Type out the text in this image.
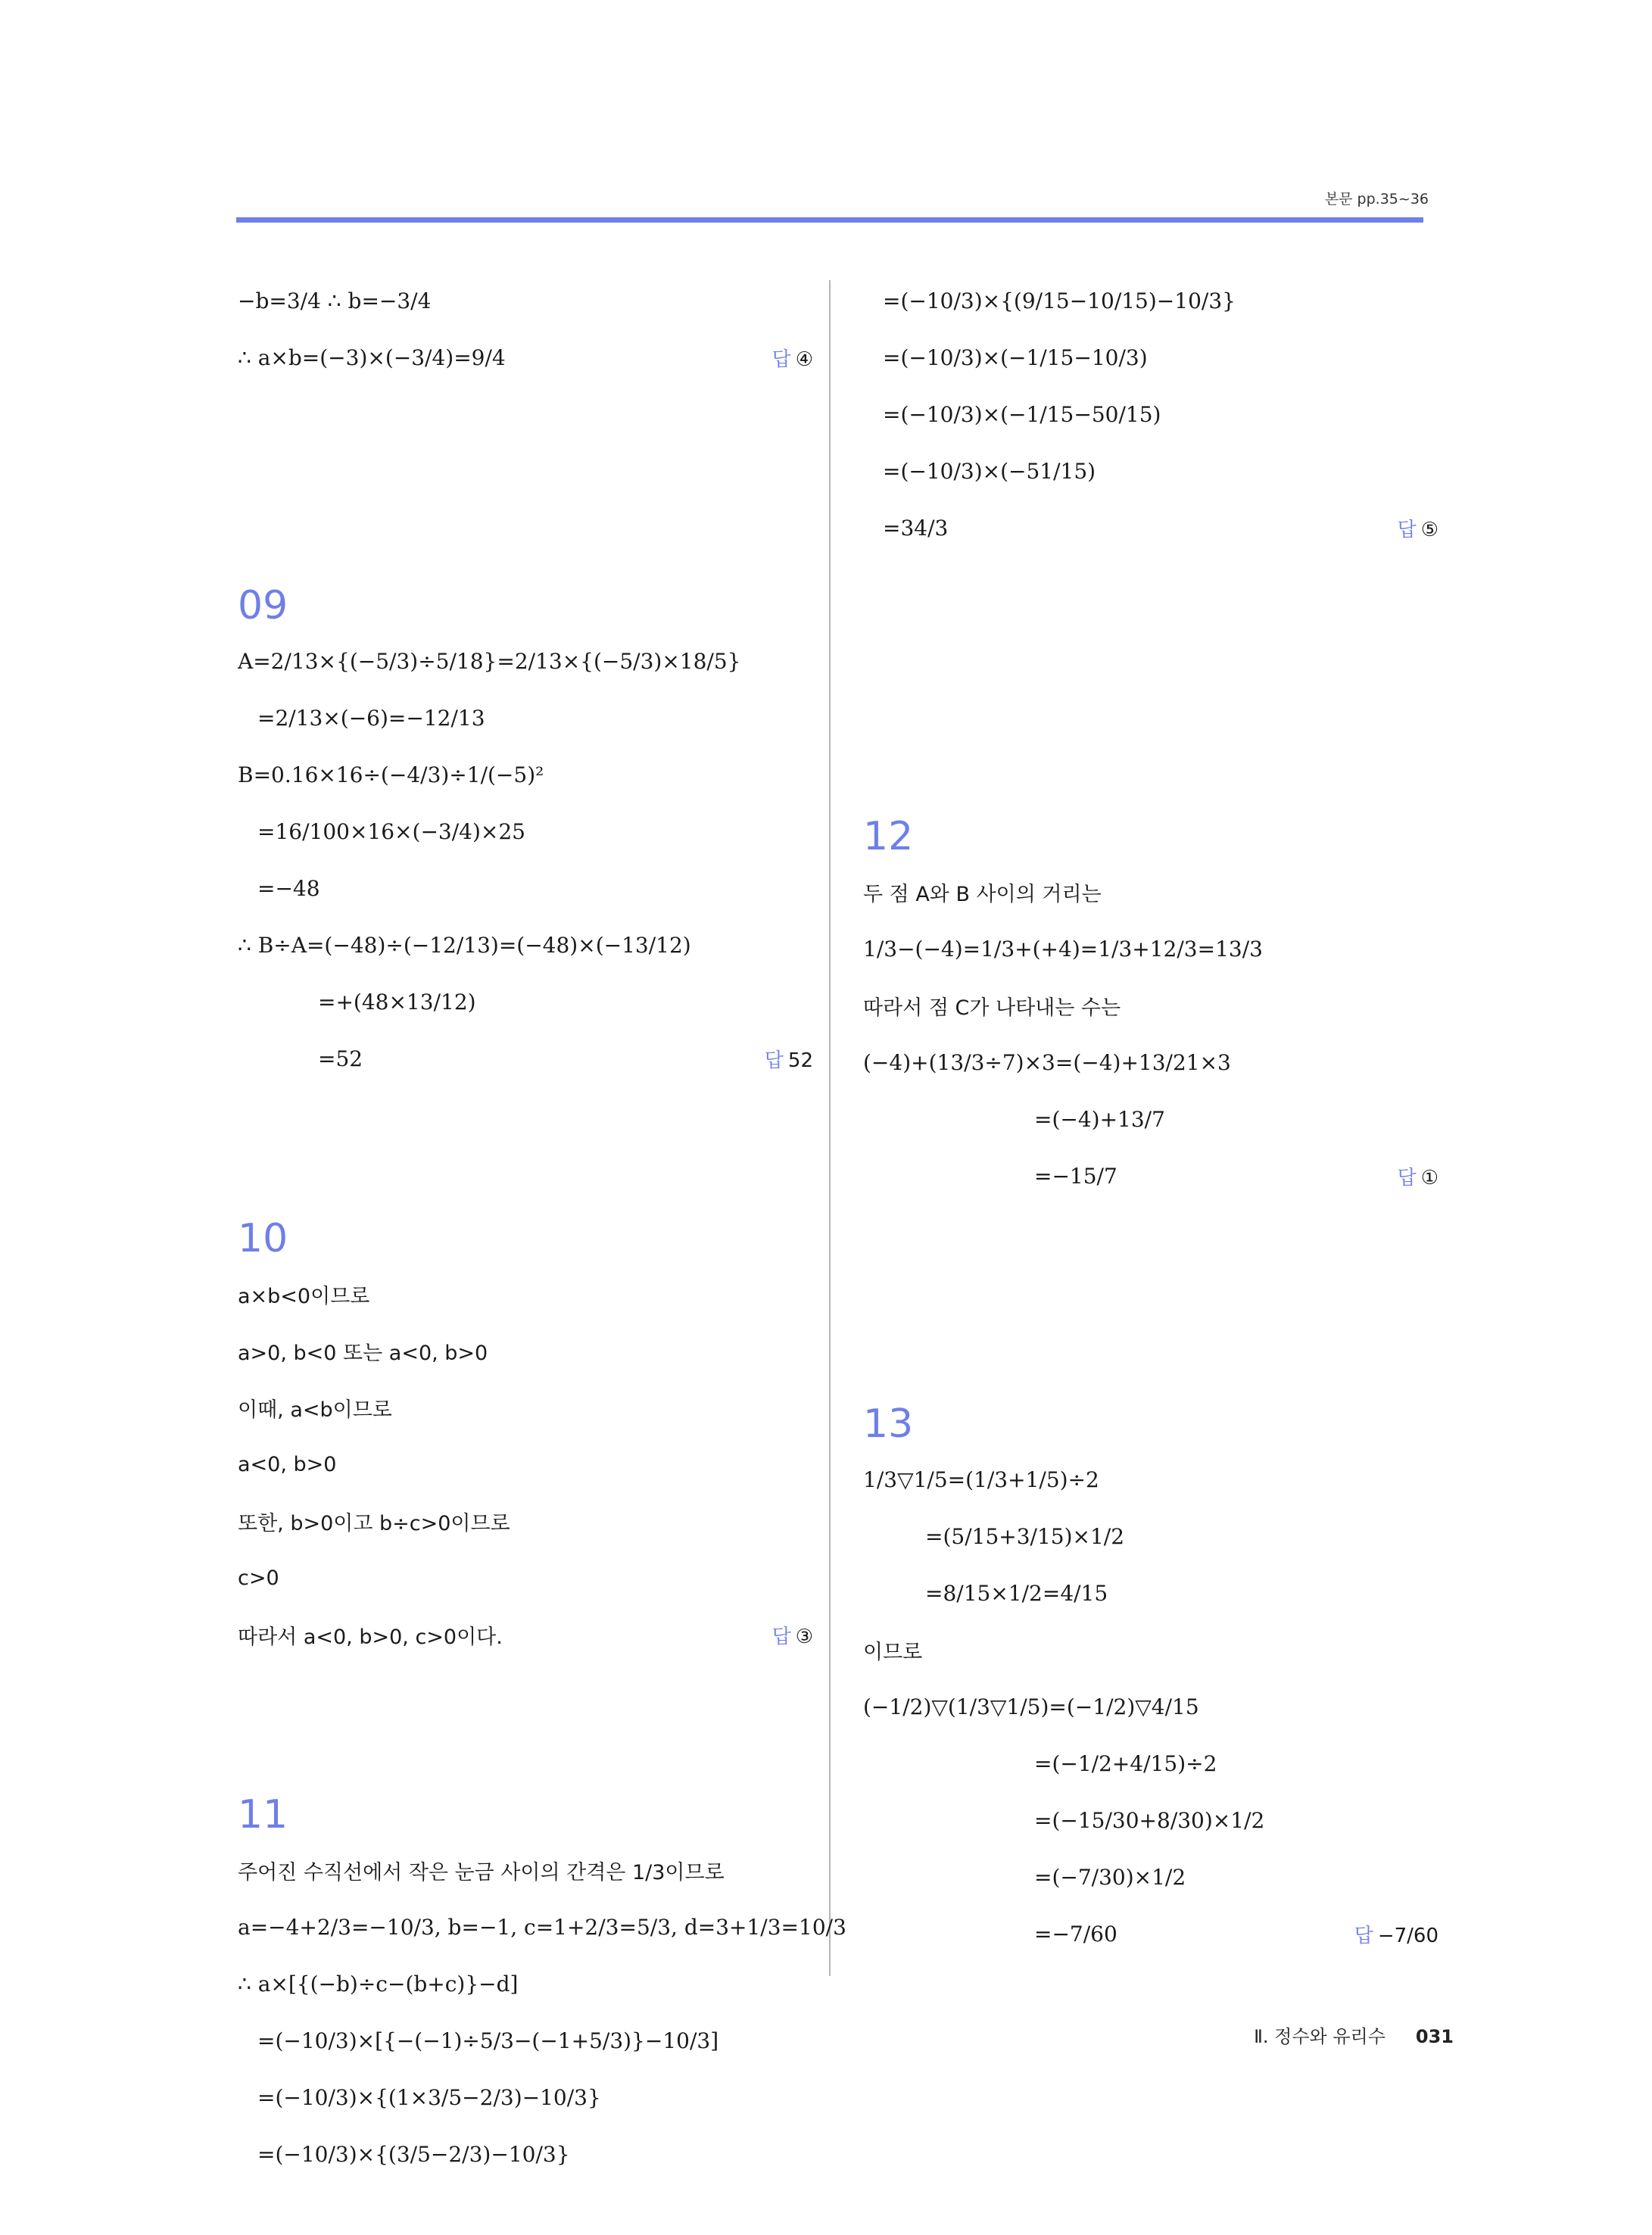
본문 pp.35~36
−b=3/4 ∴ b=−3/4
∴ a×b=(−3)×(−3/4)=9/4	답 ④
09
A=2/13×{(−5/3)÷5/18}=2/13×{(−5/3)×18/5}
=2/13×(−6)=−12/13
B=0.16×16÷(−4/3)÷1/(−5)²
=16/100×16×(−3/4)×25
=−48
∴ B÷A=(−48)÷(−12/13)=(−48)×(−13/12)
=+(48×13/12)
=52	답 52
10
a×b<0이므로
a>0, b<0 또는 a<0, b>0
이때, a<b이므로
a<0, b>0
또한, b>0이고 b÷c>0이므로
c>0
따라서 a<0, b>0, c>0이다.	답 ③
11
주어진 수직선에서 작은 눈금 사이의 간격은 1/3이므로
a=−4+2/3=−10/3, b=−1, c=1+2/3=5/3, d=3+1/3=10/3
∴ a×[{(−b)÷c−(b+c)}−d]
=(−10/3)×[{−(−1)÷5/3−(−1+5/3)}−10/3]
=(−10/3)×{(1×3/5−2/3)−10/3}
=(−10/3)×{(3/5−2/3)−10/3}
=(−10/3)×{(9/15−10/15)−10/3}
=(−10/3)×(−1/15−10/3)
=(−10/3)×(−1/15−50/15)
=(−10/3)×(−51/15)
=34/3	답 ⑤
12
두 점 A와 B 사이의 거리는
1/3−(−4)=1/3+(+4)=1/3+12/3=13/3
따라서 점 C가 나타내는 수는
(−4)+(13/3÷7)×3=(−4)+13/21×3
=(−4)+13/7
=−15/7	답 ①
13
1/3▽1/5=(1/3+1/5)÷2
=(5/15+3/15)×1/2
=8/15×1/2=4/15
이므로
(−1/2)▽(1/3▽1/5)=(−1/2)▽4/15
=(−1/2+4/15)÷2
=(−15/30+8/30)×1/2
=(−7/30)×1/2
=−7/60	답 −7/60
Ⅱ. 정수와 유리수 031
